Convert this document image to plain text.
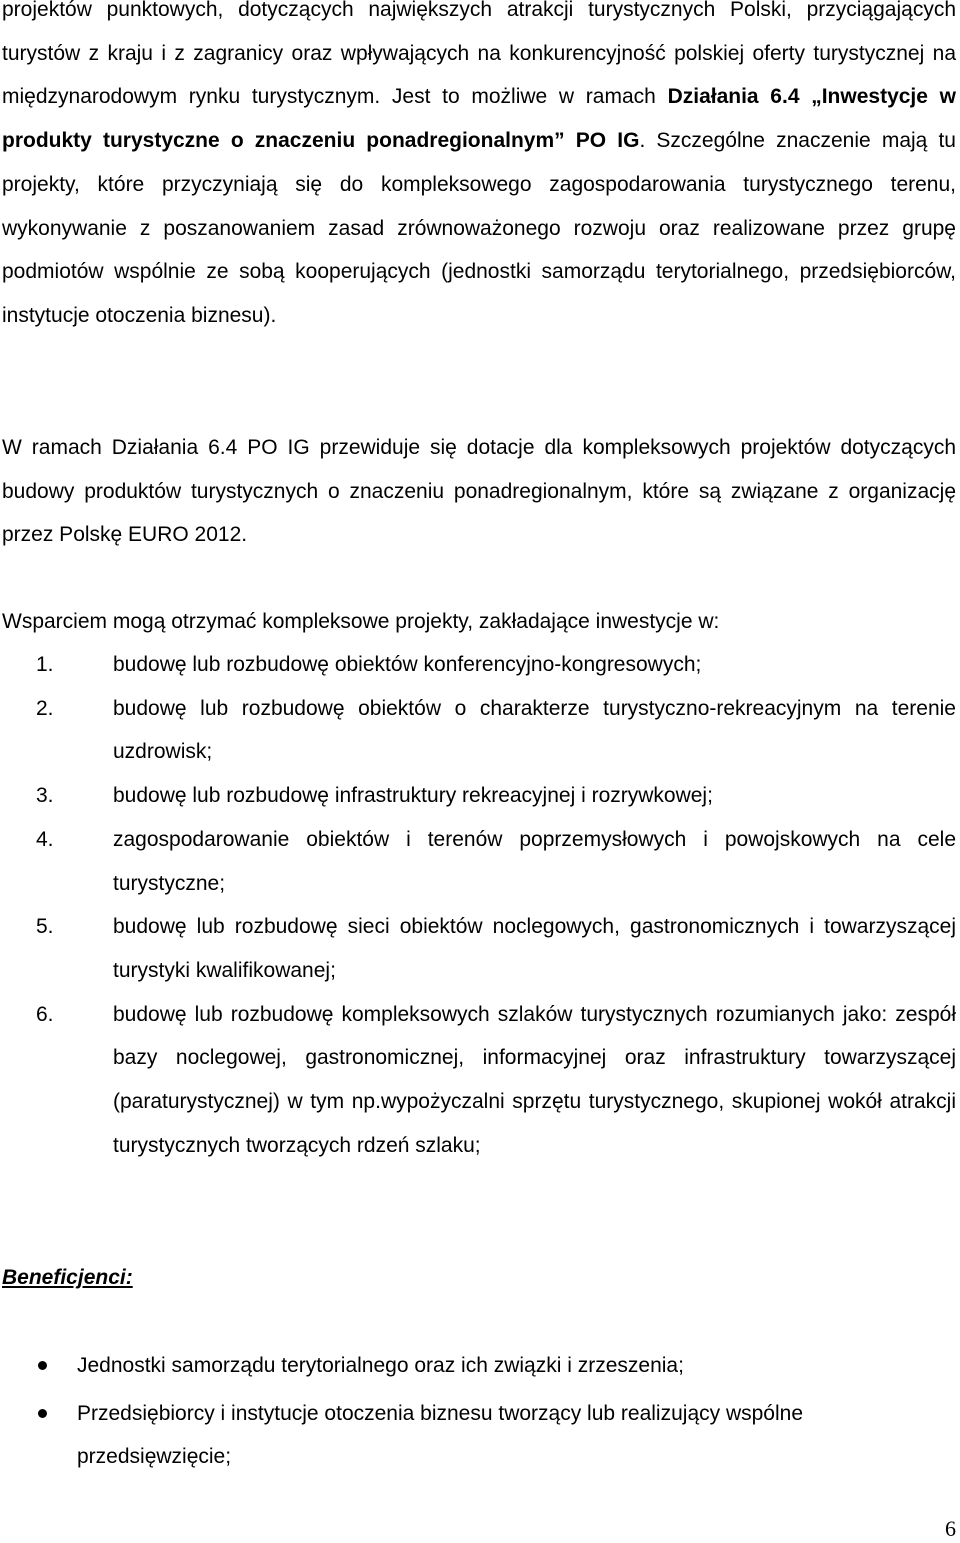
projektów punktowych, dotyczących największych atrakcji turystycznych Polski, przyciągających turystów z kraju i z zagranicy oraz wpływających na konkurencyjność polskiej oferty turystycznej na międzynarodowym rynku turystycznym. Jest to możliwe w ramach Działania 6.4 „Inwestycje w produkty turystyczne o znaczeniu ponadregionalnym” PO IG. Szczególne znaczenie mają tu projekty, które przyczyniają się do kompleksowego zagospodarowania turystycznego terenu, wykonywanie z poszanowaniem zasad zrównoważonego rozwoju oraz realizowane przez grupę podmiotów wspólnie ze sobą kooperujących (jednostki samorządu terytorialnego, przedsiębiorców, instytucje otoczenia biznesu).

W ramach Działania 6.4 PO IG przewiduje się dotacje dla kompleksowych projektów dotyczących budowy produktów turystycznych o znaczeniu ponadregionalnym, które są związane z organizację przez Polskę EURO 2012.

Wsparciem mogą otrzymać kompleksowe projekty, zakładające inwestycje w:

1.	budowę lub rozbudowę obiektów konferencyjno-kongresowych;
2.	budowę lub rozbudowę obiektów o charakterze turystyczno-rekreacyjnym na terenie uzdrowisk;
3.	budowę lub rozbudowę infrastruktury rekreacyjnej i rozrywkowej;
4.	zagospodarowanie obiektów i terenów poprzemysłowych i powojskowych na cele turystyczne;
5.	budowę lub rozbudowę sieci obiektów noclegowych, gastronomicznych i towarzyszącej turystyki kwalifikowanej;
6.	budowę lub rozbudowę kompleksowych szlaków turystycznych rozumianych jako: zespół bazy noclegowej, gastronomicznej, informacyjnej oraz infrastruktury towarzyszącej (paraturystycznej) w tym np.wypożyczalni sprzętu turystycznego, skupionej wokół atrakcji turystycznych tworzących rdzeń szlaku;

Beneficjenci:

Jednostki samorządu terytorialnego oraz ich związki i zrzeszenia;
Przedsiębiorcy i instytucje otoczenia biznesu tworzący lub realizujący wspólne przedsięwzięcie;
6
